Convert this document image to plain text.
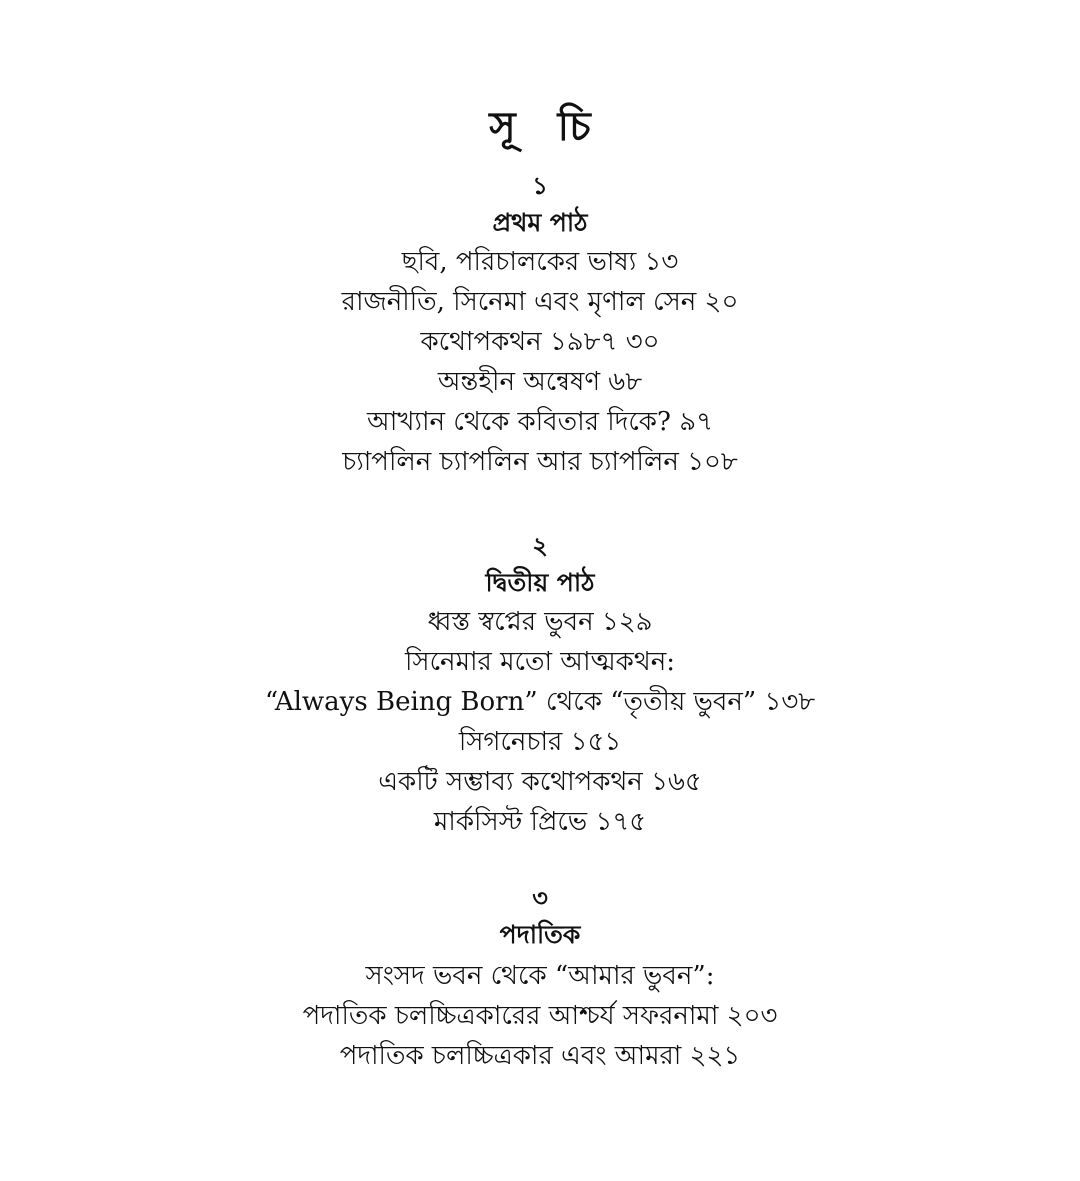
সূ চি

১

প্রথম পাঠ

ছবি, পরিচালকের ভাষ্য ১৩
রাজনীতি, সিনেমা এবং মৃণাল সেন ২০
কথোপকথন ১৯৮৭ ৩০
অন্তহীন অন্বেষণ ৬৮
আখ্যান থেকে কবিতার দিকে? ৯৭
চ্যাপলিন চ্যাপলিন আর চ্যাপলিন ১০৮

২

দ্বিতীয় পাঠ

ধ্বস্ত স্বপ্নের ভুবন ১২৯
সিনেমার মতো আত্মকথন:
“Always Being Born” থেকে “তৃতীয় ভুবন” ১৩৮
সিগনেচার ১৫১
একটি সম্ভাব্য কথোপকথন ১৬৫
মার্কসিস্ট প্রিভে ১৭৫

৩

পদাতিক

সংসদ ভবন থেকে “আমার ভুবন”:
পদাতিক চলচ্চিত্রকারের আশ্চর্য সফরনামা ২০৩
পদাতিক চলচ্চিত্রকার এবং আমরা ২২১
